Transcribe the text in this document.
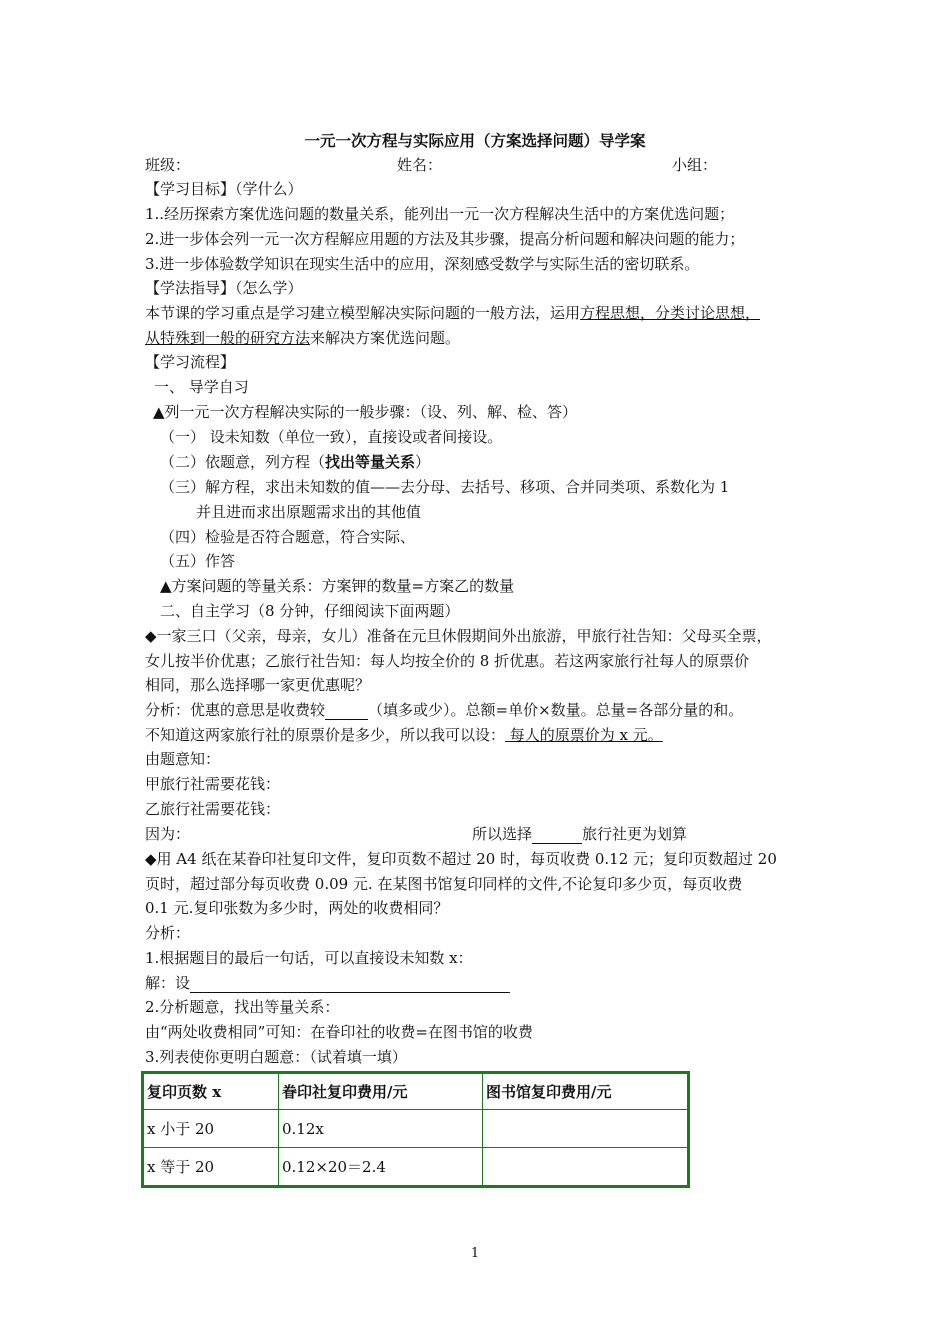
一元一次方程与实际应用（方案选择问题）导学案
班级：	姓名：	小组：
【学习目标】（学什么）
1..经历探索方案优选问题的数量关系，能列出一元一次方程解决生活中的方案优选问题；
2.进一步体会列一元一次方程解应用题的方法及其步骤，提高分析问题和解决问题的能力；
3.进一步体验数学知识在现实生活中的应用，深刻感受数学与实际生活的密切联系。
【学法指导】（怎么学）
本节课的学习重点是学习建立模型解决实际问题的一般方法，运用方程思想，分类讨论思想，
从特殊到一般的研究方法来解决方案优选问题。
【学习流程】
一、 导学自习
▲列一元一次方程解决实际的一般步骤：（设、列、解、检、答）
（一） 设未知数（单位一致），直接设或者间接设。
（二）依题意，列方程（找出等量关系）
（三）解方程，求出未知数的值——去分母、去括号、移项、合并同类项、系数化为 1
并且进而求出原题需求出的其他值
（四）检验是否符合题意，符合实际、
（五）作答
▲方案问题的等量关系：方案钾的数量=方案乙的数量
二、自主学习（8 分钟，仔细阅读下面两题）
◆一家三口（父亲，母亲，女儿）准备在元旦休假期间外出旅游，甲旅行社告知：父母买全票，
女儿按半价优惠；乙旅行社告知：每人均按全价的 8 折优惠。若这两家旅行社每人的原票价
相同，那么选择哪一家更优惠呢？
分析：优惠的意思是收费较	（填多或少）。总额=单价×数量。总量=各部分量的和。
不知道这两家旅行社的原票价是多少，所以我可以设： 每人的原票价为 x 元。
由题意知：
甲旅行社需要花钱：
乙旅行社需要花钱：
因为：	所以选择	旅行社更为划算
◆用 A4 纸在某眷印社复印文件，复印页数不超过 20 时，每页收费 0.12 元；复印页数超过 20
页时，超过部分每页收费 0.09 元. 在某图书馆复印同样的文件,不论复印多少页，每页收费
0.1 元.复印张数为多少时，两处的收费相同？
分析：
1.根据题目的最后一句话，可以直接设未知数 x：
解：设
2.分析题意，找出等量关系：
由“两处收费相同”可知：在眷印社的收费=在图书馆的收费
3.列表使你更明白题意：（试着填一填）
复印页数 x	眷印社复印费用/元	图书馆复印费用/元
x 小于 20	0.12x	
x 等于 20	0.12×20＝2.4	
1
